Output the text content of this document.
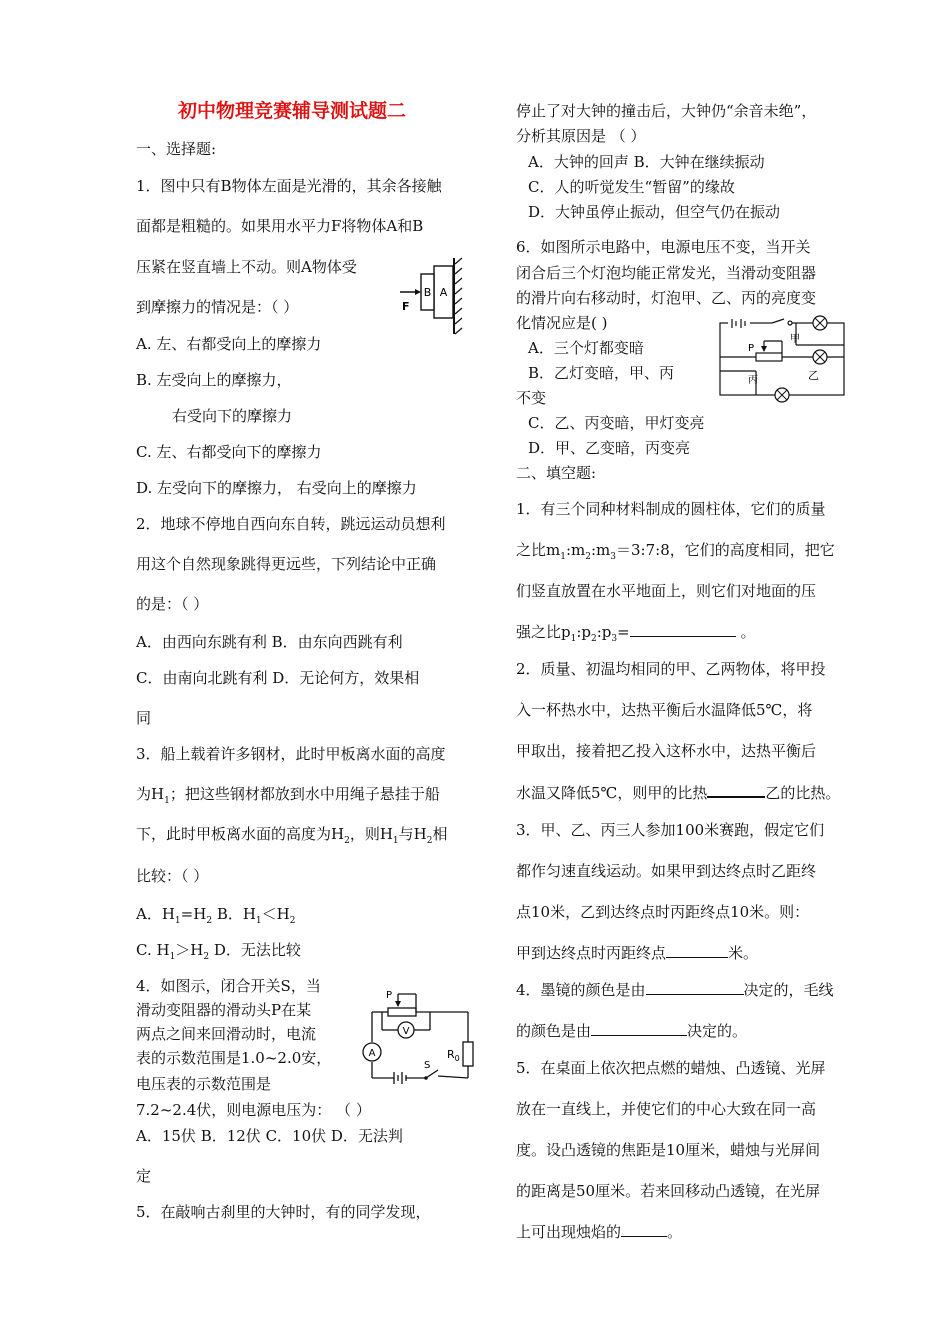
初中物理竞赛辅导测试题二
一、选择题:
1．图中只有B物体左面是光滑的，其余各接触
面都是粗糙的。如果用水平力F将物体A和B
压紧在竖直墙上不动。则A物体受
到摩擦力的情况是：（ ）
A. 左、右都受向上的摩擦力
B. 左受向上的摩擦力，
右受向下的摩擦力
C. 左、右都受向下的摩擦力
D. 左受向下的摩擦力， 右受向上的摩擦力
2．地球不停地自西向东自转，跳远运动员想利
用这个自然现象跳得更远些，下列结论中正确
的是：（ ）
A．由西向东跳有利 B．由东向西跳有利
C．由南向北跳有利 D．无论何方，效果相
同
3．船上载着许多钢材，此时甲板离水面的高度
为$H_1$；把这些钢材都放到水中用绳子悬挂于船
下，此时甲板离水面的高度为$H_2$，则$H_1$与$H_2$相
比较：（ ）
A．$H_1=H_2$ B．$H_1<H_2$
C. $H_1>H_2$ D．无法比较
4．如图示，闭合开关S，当
滑动变阻器的滑动头P在某
两点之间来回滑动时，电流
表的示数范围是1.0~2.0安，
电压表的示数范围是
7.2~2.4伏，则电源电压为： （ ）
A．15伏 B．12伏 C．10伏 D．无法判
定
5．在敲响古刹里的大钟时，有的同学发现，
B A
F
P
V
A
S
$R_0$
停止了对大钟的撞击后，大钟仍“余音未绝”，
分析其原因是 （ ）
A．大钟的回声 B．大钟在继续振动
C．人的听觉发生“暂留”的缘故
D．大钟虽停止振动，但空气仍在振动
6．如图所示电路中，电源电压不变，当开关
闭合后三个灯泡均能正常发光，当滑动变阻器
的滑片向右移动时，灯泡甲、乙、丙的亮度变
化情况应是( )
A．三个灯都变暗
B．乙灯变暗，甲、丙
不变
C．乙、丙变暗，甲灯变亮
D．甲、乙变暗，丙变亮
二、填空题:
1．有三个同种材料制成的圆柱体，它们的质量
之比$m_1:m_2:m_3=3:7:8$，它们的高度相同，把它
们竖直放置在水平地面上，则它们对地面的压
强之比$p_1:p_2:p_3=$	。
2．质量、初温均相同的甲、乙两物体，将甲投
入一杯热水中，达热平衡后水温降低5℃，将
甲取出，接着把乙投入这杯水中，达热平衡后
水温又降低5℃，则甲的比热	乙的比热。
3．甲、乙、丙三人参加100米赛跑，假定它们
都作匀速直线运动。如果甲到达终点时乙距终
点10米，乙到达终点时丙距终点10米。则：
甲到达终点时丙距终点	米。
4．墨镜的颜色是由	决定的，毛线
的颜色是由	决定的。
5．在桌面上依次把点燃的蜡烛、凸透镜、光屏
放在一直线上，并使它们的中心大致在同一高
度。设凸透镜的焦距是10厘米，蜡烛与光屏间
的距离是50厘米。若来回移动凸透镜，在光屏
上可出现烛焰的	。
P
甲
乙
丙
